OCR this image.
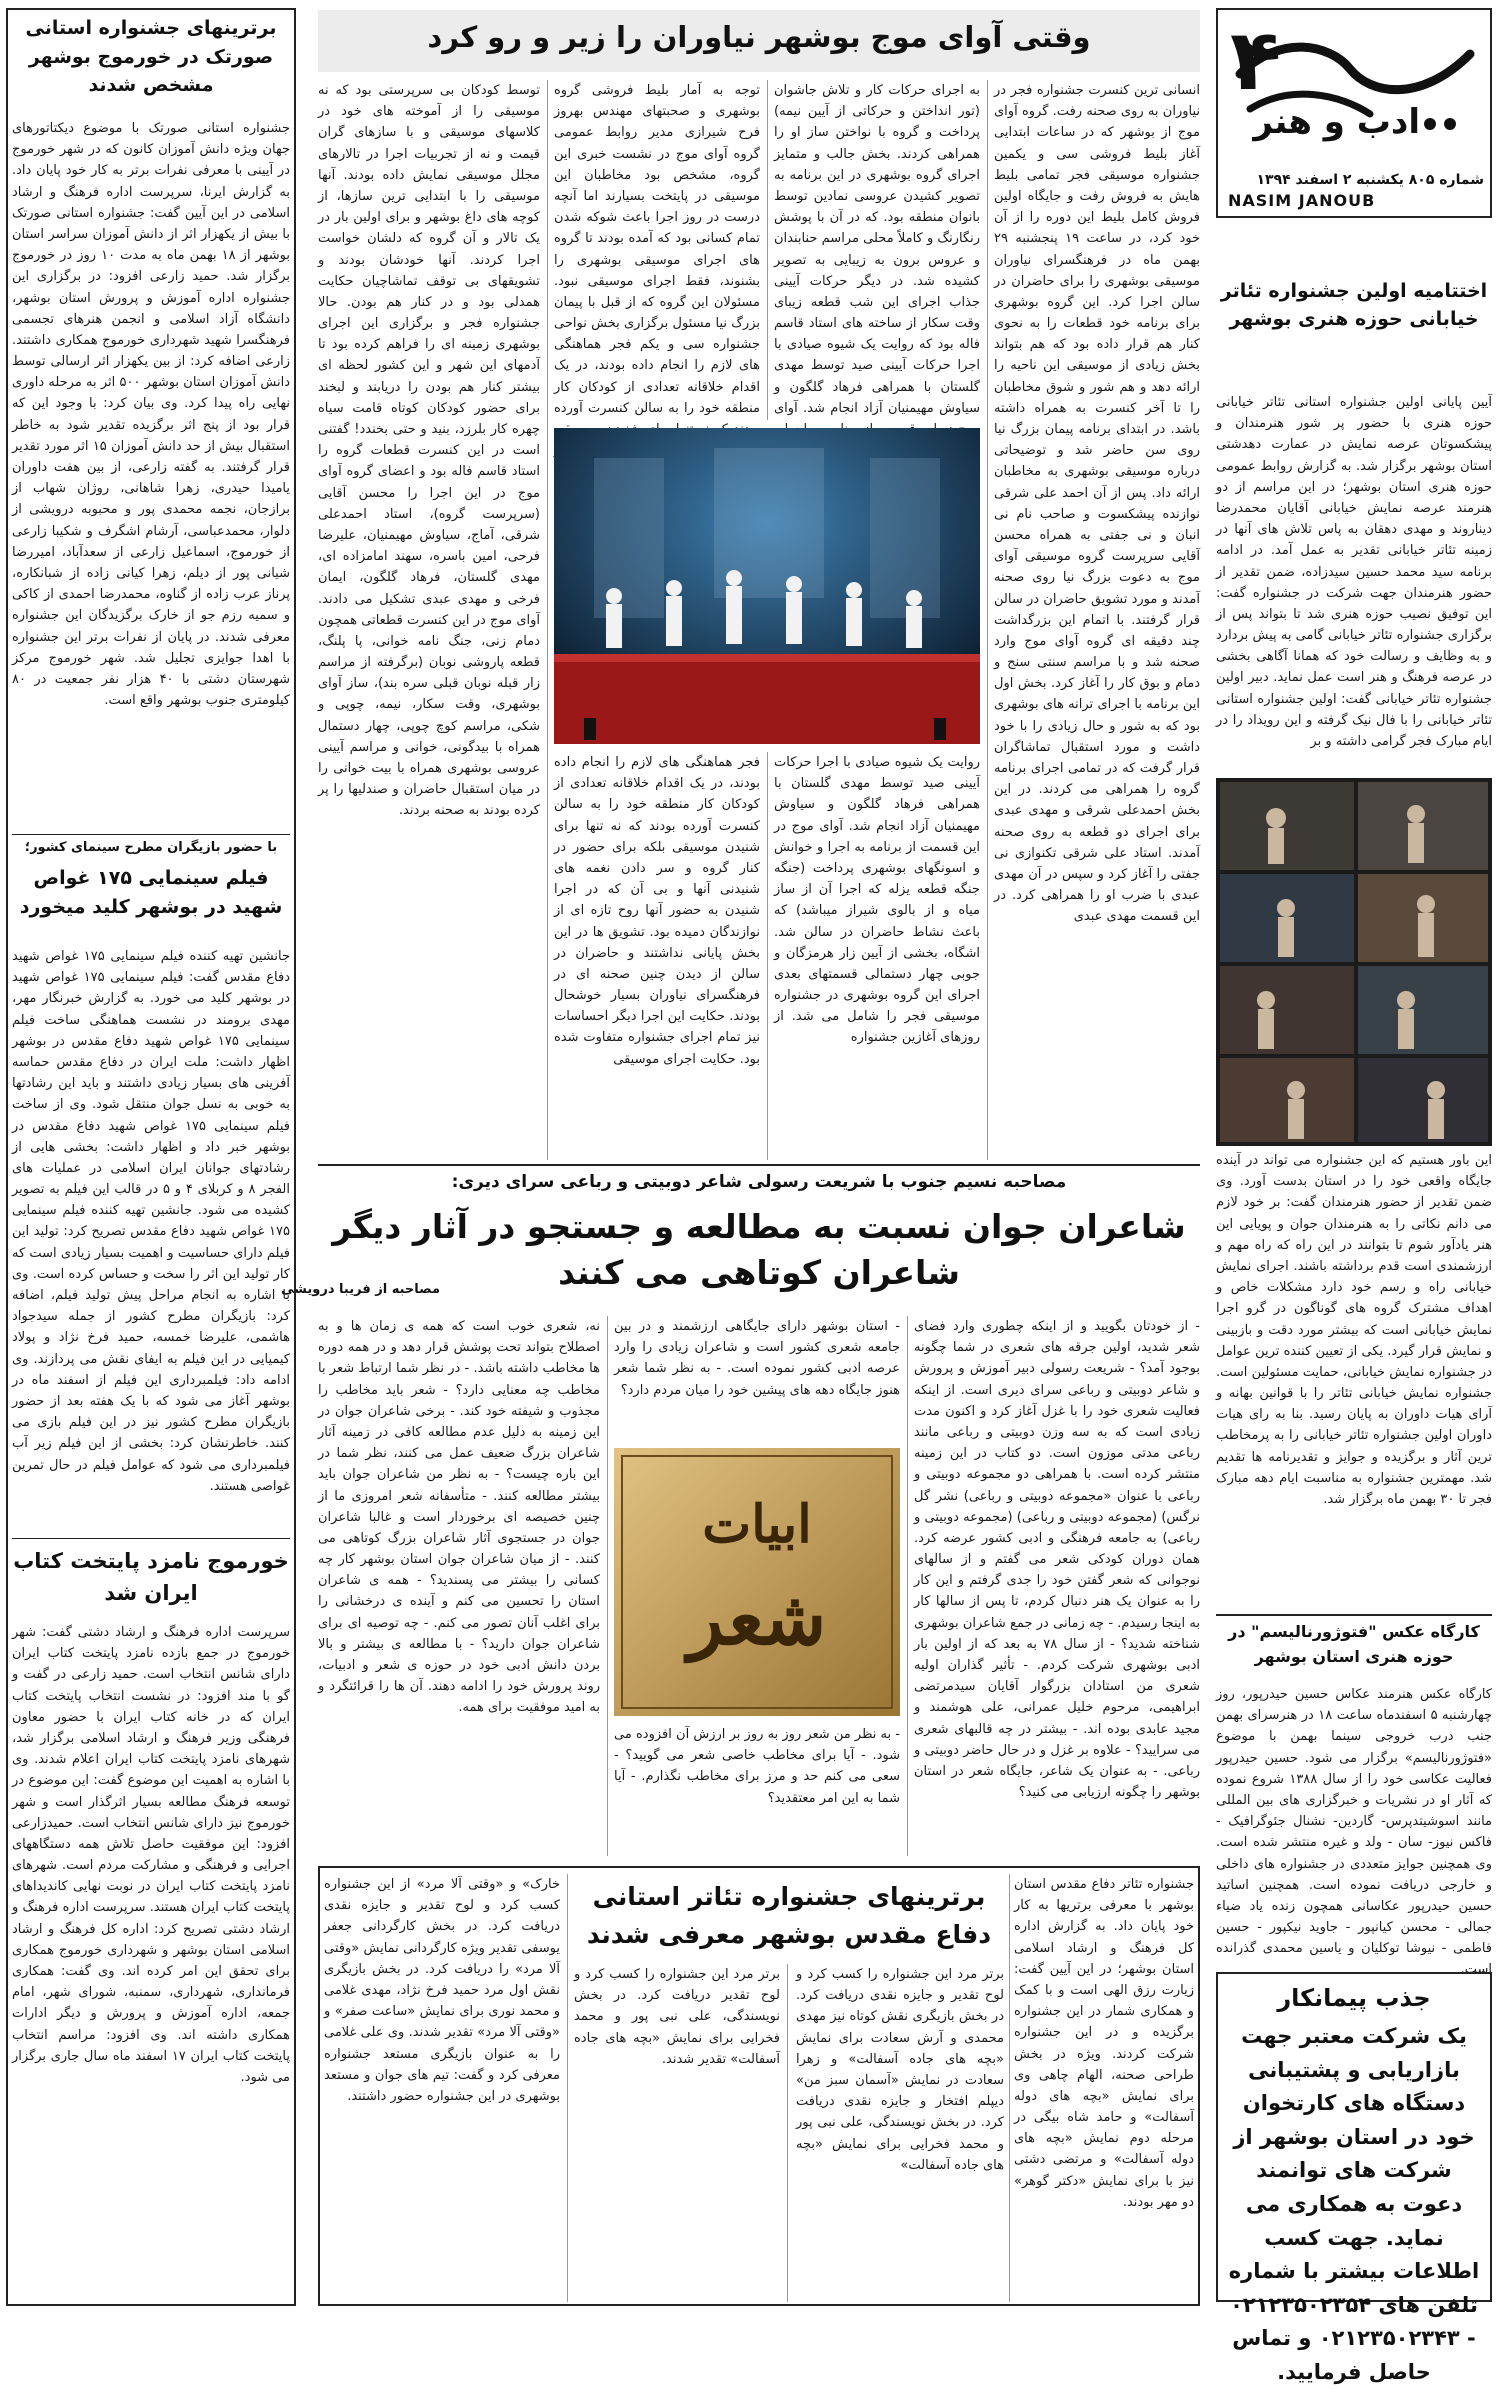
۴
ادب و هنر
شماره ۸۰۵ یکشنبه ۲ اسفند ۱۳۹۴
NASIM JANOUB
اختتامیه اولین جشنواره تئاتر خیابانی حوزه هنری بوشهر

آیین پایانی اولین جشنواره استانی تئاتر خیابانی حوزه هنری با حضور پر شور هنرمندان و پیشکسوتان عرصه نمایش در عمارت دهدشتی استان بوشهر برگزار شد. به گزارش روابط عمومی حوزه هنری استان بوشهر؛ در این مراسم از دو هنرمند عرصه نمایش خیابانی آقایان محمدرضا دیناروند و مهدی دهقان به پاس تلاش های آنها در زمینه تئاتر خیابانی تقدیر به عمل آمد. در ادامه برنامه سید محمد حسین سیدزاده، ضمن تقدیر از حضور هنرمندان جهت شرکت در جشنواره گفت: این توفیق نصیب حوزه هنری شد تا بتواند پس از برگزاری جشنواره تئاتر خیابانی گامی به پیش بردارد و به وظایف و رسالت خود که همانا آگاهی بخشی در عرصه فرهنگ و هنر است عمل نماید. دبیر اولین جشنواره تئاتر خیابانی گفت: اولین جشنواره استانی تئاتر خیابانی را با فال نیک گرفته و این رویداد را در ایام مبارک فجر گرامی داشته و بر

این باور هستیم که این جشنواره می تواند در آینده جایگاه واقعی خود را در استان بدست آورد. وی ضمن تقدیر از حضور هنرمندان گفت: بر خود لازم می دانم نکاتی را به هنرمندان جوان و پویایی این هنر یادآور شوم تا بتوانند در این راه که راه مهم و ارزشمندی است قدم برداشته باشند. اجرای نمایش خیابانی راه و رسم خود دارد مشکلات خاص و اهداف مشترک گروه های گوناگون در گرو اجرا نمایش خیابانی است که بیشتر مورد دقت و بازبینی و نمایش قرار گیرد. یکی از تعیین کننده ترین عوامل در جشنواره نمایش خیابانی، حمایت مسئولین است. جشنواره نمایش خیابانی تئاتر را با قوانین بهانه و آرای هیات داوران به پایان رسید. بنا به رای هیات داوران اولین جشنواره تئاتر خیابانی را به پرمخاطب ترین آثار و برگزیده و جوایز و تقدیرنامه ها تقدیم شد. مهمترین جشنواره به مناسبت ایام دهه مبارک فجر تا ۳۰ بهمن ماه برگزار شد.

کارگاه عکس "فتوژورنالیسم" در حوزه هنری استان بوشهر

کارگاه عکس هنرمند عکاس حسین حیدرپور، روز چهارشنبه ۵ اسفندماه ساعت ۱۸ در هنرسرای بهمن جنب درب خروجی سینما بهمن با موضوع «فتوژورنالیسم» برگزار می شود. حسین حیدرپور فعالیت عکاسی خود را از سال ۱۳۸۸ شروع نموده که آثار او در نشریات و خبرگزاری های بین المللی مانند اسوشیتدپرس- گاردین- نشنال جئوگرافیک - فاکس نیوز- سان - ولد و غیره منتشر شده است. وی همچنین جوایز متعددی در جشنواره های داخلی و خارجی دریافت نموده است. همچنین اساتید حسین حیدرپور عکاسانی همچون زنده یاد ضیاء جمالی - محسن کیانپور - جاوید نیکپور - حسین فاطمی - نیوشا توکلیان و یاسین محمدی گذرانده است.

جذب پیمانکار
یک شرکت معتبر جهت بازاریابی و پشتیبانی دستگاه های کارتخوان خود در استان بوشهر از شرکت های توانمند دعوت به همکاری می نماید. جهت کسب اطلاعات بیشتر با شماره تلفن های ۰۲۱۲۳۵۰۲۳۵۴ - ۰۲۱۲۳۵۰۲۳۴۳ و تماس حاصل فرمایید.
وقتی آوای موج بوشهر نیاوران را زیر و رو کرد

انسانی ترین کنسرت جشنواره فجر در نیاوران به روی صحنه رفت. گروه آوای موج از بوشهر که در ساعات ابتدایی آغاز بلیط فروشی سی و یکمین جشنواره موسیقی فجر تمامی بلیط هایش به فروش رفت و جایگاه اولین فروش کامل بلیط این دوره را از آن خود کرد، در ساعت ۱۹ پنجشنبه ۲۹ بهمن ماه در فرهنگسرای نیاوران موسیقی بوشهری را برای حاضران در سالن اجرا کرد. این گروه بوشهری برای برنامه خود قطعات را به نحوی کنار هم قرار داده بود که هم بتواند بخش زیادی از موسیقی این ناحیه را ارائه دهد و هم شور و شوق مخاطبان را تا آخر کنسرت به همراه داشته باشد. در ابتدای برنامه پیمان بزرگ نیا روی سن حاضر شد و توضیحاتی درباره موسیقی بوشهری به مخاطبان ارائه داد. پس از آن احمد علی شرقی نوازنده پیشکسوت و صاحب نام نی انبان و نی جفتی به همراه محسن آقایی سرپرست گروه موسیقی آوای موج به دعوت بزرگ نیا روی صحنه آمدند و مورد تشویق حاضران در سالن قرار گرفتند. با اتمام این بزرگداشت چند دقیقه ای گروه آوای موج وارد صحنه شد و با مراسم سنتی سنج و دمام و بوق کار را آغاز کرد. بخش اول این برنامه با اجرای ترانه های بوشهری بود که به شور و حال زیادی را با خود داشت و مورد استقبال تماشاگران قرار گرفت که در تمامی اجرای برنامه گروه را همراهی می کردند. در این بخش احمدعلی شرقی و مهدی عبدی برای اجرای دو قطعه به روی صحنه آمدند. استاد علی شرقی تکنوازی نی جفتی را آغاز کرد و سپس در آن مهدی عبدی با ضرب او را همراهی کرد. در این قسمت مهدی عبدی

به اجرای حرکات کار و تلاش جاشوان (تور انداختن و حرکاتی از آیین نیمه) پرداخت و گروه با نواختن ساز او را همراهی کردند. بخش جالب و متمایز اجرای گروه بوشهری در این برنامه به تصویر کشیدن عروسی نمادین توسط بانوان منطقه بود. که در آن با پوشش رنگارنگ و کاملاً محلی مراسم حنابندان و عروس برون به زیبایی به تصویر کشیده شد. در دیگر حرکات آیینی جذاب اجرای این شب قطعه زیبای وقت سکار از ساخته های استاد قاسم فاله بود که روایت یک شیوه صیادی با اجرا حرکات آیینی صید توسط مهدی گلستان با همراهی فرهاد گلگون و سیاوش مهیمنیان آزاد انجام شد. آوای

توجه به آمار بلیط فروشی گروه بوشهری و صحبتهای مهندس بهروز فرح شیرازی مدیر روابط عمومی گروه آوای موج در نشست خبری این گروه، مشخص بود مخاطبان این موسیقی در پایتخت بسیارند اما آنچه درست در روز اجرا باعث شوکه شدن تمام کسانی بود که آمده بودند تا گروه های اجرای موسیقی بوشهری را بشنوند، فقط اجرای موسیقی نبود. مسئولان این گروه که از قبل با پیمان بزرگ نیا مسئول برگزاری بخش نواحی جشنواره سی و یکم فجر هماهنگی های لازم را انجام داده بودند، در یک اقدام خلاقانه تعدادی از کودکان کار منطقه خود را به سالن کنسرت آورده

توسط کودکان بی سرپرستی بود که نه موسیقی را از آموخته های خود در کلاسهای موسیقی و با سازهای گران قیمت و نه از تجربیات اجرا در تالارهای مجلل موسیقی نمایش داده بودند. آنها موسیقی را با ابتدایی ترین سازها، از کوچه های داغ بوشهر و برای اولین بار در یک تالار و آن گروه که دلشان خواست اجرا کردند. آنها خودشان بودند و تشویقهای بی توقف تماشاچیان حکایت همدلی بود و در کنار هم بودن. حالا جشنواره فجر و برگزاری این اجرای بوشهری زمینه ای را فراهم کرده بود تا آدمهای این شهر و این کشور لحظه ای بیشتر کنار هم بودن را دریابند و لبخند برای حضور کودکان کوتاه قامت سیاه چهره کار بلرزد، بنید و حتی بخندد! گفتنی است در این کنسرت قطعات گروه را استاد قاسم فاله بود و اعضای گروه آوای موج در این اجرا را محسن آقایی (سرپرست گروه)، استاد احمدعلی شرقی، آماج، سیاوش مهیمنیان، علیرضا فرحی، امین باسره، سهند امامزاده ای، مهدی گلستان، فرهاد گلگون، ایمان فرخی و مهدی عبدی تشکیل می دادند. آوای موج در این کنسرت قطعاتی همچون دمام زنی، جنگ نامه خوانی، پا پلنگ، قطعه پاروشی نوبان (برگرفته از مراسم زار قبله نوبان قبلی سره بند)، ساز آوای بوشهری، وقت سکار، نیمه، چوپی و شکی، مراسم کوچ چوپی، چهار دستمال همراه با بیدگونی، خوانی و مراسم آیینی عروسی بوشهری همراه با بیت خوانی را در میان استقبال حاضران و صندلیها را پر کرده بودند به صحنه بردند.

روایت یک شیوه صیادی با اجرا حرکات آیینی صید توسط مهدی گلستان با همراهی فرهاد گلگون و سیاوش مهیمنیان آزاد انجام شد. آوای موج در این قسمت از برنامه به اجرا و خوانش و اسونگهای بوشهری پرداخت (جنگه جنگه قطعه یزله که اجرا آن از ساز میاه و از بالوی شیراز میباشد) که باعث نشاط حاضران در سالن شد. اشگاه، بخشی از آیین زار هرمزگان و جوبی چهار دستمالی قسمتهای بعدی اجرای این گروه بوشهری در جشنواره موسیقی فجر را شامل می شد. از روزهای آغازین جشنواره

فجر هماهنگی های لازم را انجام داده بودند، در یک اقدام خلاقانه تعدادی از کودکان کار منطقه خود را به سالن کنسرت آورده بودند که نه تنها برای شنیدن موسیقی بلکه برای حضور در کنار گروه و سر دادن نغمه های شنیدنی آنها و بی آن که در اجرا شنیدن به حضور آنها روح تازه ای از نوازندگان دمیده بود. تشویق ها در این بخش پایانی نداشتند و حاضران در سالن از دیدن چنین صحنه ای در فرهنگسرای نیاوران بسیار خوشحال بودند. حکایت این اجرا دیگر احساسات نیز تمام اجرای جشنواره متفاوت شده بود. حکایت اجرای موسیقی

مصاحبه نسیم جنوب با شریعت رسولی شاعر دوبیتی و رباعی سرای دیری:
شاعران جوان نسبت به مطالعه و جستجو در آثار دیگر شاعران کوتاهی می کنند
مصاحبه از فریبا درویشی

- از خودتان بگویید و از اینکه چطوری وارد فضای شعر شدید، اولین جرقه های شعری در شما چگونه بوجود آمد؟ - شریعت رسولی دبیر آموزش و پرورش و شاعر دوبیتی و رباعی سرای دیری است. از اینکه فعالیت شعری خود را با غزل آغاز کرد و اکنون مدت زیادی است که به سه وزن دوبیتی و رباعی مانند رباعی مدتی موزون است. دو کتاب در این زمینه منتشر کرده است. با همراهی دو مجموعه دوبیتی و رباعی با عنوان «مجموعه دوبیتی و رباعی) نشر گل نرگس) (مجموعه دوبیتی و رباعی) (مجموعه دوبیتی و رباعی) به جامعه فرهنگی و ادبی کشور عرضه کرد. همان دوران کودکی شعر می گفتم و از سالهای نوجوانی که شعر گفتن خود را جدی گرفتم و این کار را به عنوان یک هنر دنبال کردم، تا پس از سالها کار به اینجا رسیدم. - چه زمانی در جمع شاعران بوشهری شناخته شدید؟ - از سال ۷۸ به بعد که از اولین بار ادبی بوشهری شرکت کردم. - تأثیر گذاران اولیه شعری من استادان بزرگوار آقایان سیدمرتضی ابراهیمی، مرحوم خلیل عمرانی، علی هوشمند و مجید عابدی بوده اند. - بیشتر در چه قالبهای شعری می سرایید؟ - علاوه بر غزل و در حال حاضر دوبیتی و رباعی. - به عنوان یک شاعر، جایگاه شعر در استان بوشهر را چگونه ارزیابی می کنید؟

- استان بوشهر دارای جایگاهی ارزشمند و در بین جامعه شعری کشور است و شاعران زیادی را وارد عرصه ادبی کشور نموده است. - به نظر شما شعر هنوز جایگاه دهه های پیشین خود را میان مردم دارد؟

ابیات
شعر

- به نظر من شعر روز به روز بر ارزش آن افزوده می شود. - آیا برای مخاطب خاصی شعر می گویید؟ - سعی می کنم حد و مرز برای مخاطب نگذارم. - آیا شما به این امر معتقدید؟

نه، شعری خوب است که همه ی زمان ها و به اصطلاح بتواند تحت پوشش قرار دهد و در همه دوره ها مخاطب داشته باشد. - در نظر شما ارتباط شعر با مخاطب چه معنایی دارد؟ - شعر باید مخاطب را مجذوب و شیفته خود کند. - برخی شاعران جوان در این زمینه به دلیل عدم مطالعه کافی در زمینه آثار شاعران بزرگ ضعیف عمل می کنند، نظر شما در این باره چیست؟ - به نظر من شاعران جوان باید بیشتر مطالعه کنند. - متأسفانه شعر امروزی ما از چنین خصیصه ای برخوردار است و غالبا شاعران جوان در جستجوی آثار شاعران بزرگ کوتاهی می کنند. - از میان شاعران جوان استان بوشهر کار چه کسانی را بیشتر می پسندید؟ - همه ی شاعران استان را تحسین می کنم و آینده ی درخشانی را برای اغلب آنان تصور می کنم. - چه توصیه ای برای شاعران جوان دارید؟ - با مطالعه ی بیشتر و بالا بردن دانش ادبی خود در حوزه ی شعر و ادبیات، روند پرورش خود را ادامه دهند. آن ها را قرائتگرد و به امید موفقیت برای همه.

جشنواره تئاتر دفاع مقدس استان بوشهر با معرفی برتریها به کار خود پایان داد. به گزارش اداره کل فرهنگ و ارشاد اسلامی استان بوشهر؛ در این آیین گفت: زیارت رزق الهی است و با کمک و همکاری شمار در این جشنواره برگزیده و در این جشنواره شرکت کردند. ویژه در بخش طراحی صحنه، الهام چاهی وی برای نمایش «بچه های دوله آسفالت» و حامد شاه بیگی در مرحله دوم نمایش «بچه های دوله آسفالت» و مرتضی دشتی نیز با برای نمایش «دکتر گوهر» دو مهر بودند.

برترینهای جشنواره تئاتر استانی دفاع مقدس بوشهر معرفی شدند

برتر مرد این جشنواره را کسب کرد و لوح تقدیر و جایزه نقدی دریافت کرد. در بخش بازیگری نقش کوتاه نیز مهدی محمدی و آرش سعادت برای نمایش «بچه های جاده آسفالت» و زهرا سعادت در نمایش «آسمان سبز من» دیپلم افتخار و جایزه نقدی دریافت کرد. در بخش نویسندگی، علی نبی پور و محمد فخرایی برای نمایش «بچه های جاده آسفالت»

برتر مرد این جشنواره را کسب کرد و لوح تقدیر دریافت کرد. در بخش نویسندگی، علی نبی پور و محمد فخرایی برای نمایش «بچه های جاده آسفالت» تقدیر شدند.

خارک» و «وقتی آلا مرد» از این جشنواره کسب کرد و لوح تقدیر و جایزه نقدی دریافت کرد. در بخش کارگردانی جعفر یوسفی تقدیر ویژه کارگردانی نمایش «وقتی آلا مرد» را دریافت کرد. در بخش بازیگری نقش اول مرد حمید فرخ نژاد، مهدی غلامی و محمد نوری برای نمایش «ساعت صفر» و «وقتی آلا مرد» تقدیر شدند. وی علی غلامی را به عنوان بازیگری مستعد جشنواره معرفی کرد و گفت: تیم های جوان و مستعد بوشهری در این جشنواره حضور داشتند.

برترینهای جشنواره استانی صورتک در خورموج بوشهر مشخص شدند

جشنواره استانی صورتک با موضوع دیکتاتورهای جهان ویژه دانش آموزان کانون که در شهر خورموج در آیینی با معرفی نفرات برتر به کار خود پایان داد. به گزارش ایرنا، سرپرست اداره فرهنگ و ارشاد اسلامی در این آیین گفت: جشنواره استانی صورتک با بیش از یکهزار اثر از دانش آموزان سراسر استان بوشهر از ۱۸ بهمن ماه به مدت ۱۰ روز در خورموج برگزار شد. حمید زارعی افزود: در برگزاری این جشنواره اداره آموزش و پرورش استان بوشهر، دانشگاه آزاد اسلامی و انجمن هنرهای تجسمی فرهنگسرا شهید شهرداری خورموج همکاری داشتند. زارعی اضافه کرد: از بین یکهزار اثر ارسالی توسط دانش آموزان استان بوشهر ۵۰۰ اثر به مرحله داوری نهایی راه پیدا کرد. وی بیان کرد: با وجود این که قرار بود از پنج اثر برگزیده تقدیر شود به خاطر استقبال بیش از حد دانش آموزان ۱۵ اثر مورد تقدیر قرار گرفتند. به گفته زارعی، از بین هفت داوران یامیدا حیدری، زهرا شاهانی، روژان شهاب از برازجان، نجمه محمدی پور و محبوبه درویشی از دلوار، محمدعباسی، آرشام اشگرف و شکیبا زارعی از خورموج، اسماعیل زارعی از سعدآباد، امیررضا شیانی پور از دیلم، زهرا کیانی زاده از شبانکاره، پرناز عرب زاده از گناوه، محمدرضا احمدی از کاکی و سمیه رزم جو از خارک برگزیدگان این جشنواره معرفی شدند. در پایان از نفرات برتر این جشنواره با اهدا جوایزی تجلیل شد. شهر خورموج مرکز شهرستان دشتی با ۴۰ هزار نفر جمعیت در ۸۰ کیلومتری جنوب بوشهر واقع است.

با حضور بازیگران مطرح سینمای کشور؛
فیلم سینمایی ۱۷۵ غواص شهید در بوشهر کلید میخورد

جانشین تهیه کننده فیلم سینمایی ۱۷۵ غواص شهید دفاع مقدس گفت: فیلم سینمایی ۱۷۵ غواص شهید در بوشهر کلید می خورد. به گزارش خبرنگار مهر، مهدی برومند در نشست هماهنگی ساخت فیلم سینمایی ۱۷۵ غواص شهید دفاع مقدس در بوشهر اظهار داشت: ملت ایران در دفاع مقدس حماسه آفرینی های بسیار زیادی داشتند و باید این رشادتها به خوبی به نسل جوان منتقل شود. وی از ساخت فیلم سینمایی ۱۷۵ غواص شهید دفاع مقدس در بوشهر خبر داد و اظهار داشت: بخشی هایی از رشادتهای جوانان ایران اسلامی در عملیات های الفجر ۸ و کربلای ۴ و ۵ در قالب این فیلم به تصویر کشیده می شود. جانشین تهیه کننده فیلم سینمایی ۱۷۵ غواص شهید دفاع مقدس تصریح کرد: تولید این فیلم دارای حساسیت و اهمیت بسیار زیادی است که کار تولید این اثر را سخت و حساس کرده است. وی با اشاره به انجام مراحل پیش تولید فیلم، اضافه کرد: بازیگران مطرح کشور از جمله سیدجواد هاشمی، علیرضا خمسه، حمید فرخ نژاد و پولاد کیمیایی در این فیلم به ایفای نقش می پردازند. وی ادامه داد: فیلمبرداری این فیلم از اسفند ماه در بوشهر آغاز می شود که با یک هفته بعد از حضور بازیگران مطرح کشور نیز در این فیلم بازی می کنند. خاطرنشان کرد: بخشی از این فیلم زیر آب فیلمبرداری می شود که عوامل فیلم در حال تمرین غواصی هستند.

خورموج نامزد پایتخت کتاب ایران شد

سرپرست اداره فرهنگ و ارشاد دشتی گفت: شهر خورموج در جمع بازده نامزد پایتخت کتاب ایران دارای شانس انتخاب است. حمید زارعی در گفت و گو با مند افزود: در نشست انتخاب پایتخت کتاب ایران که در خانه کتاب ایران با حضور معاون فرهنگی وزیر فرهنگ و ارشاد اسلامی برگزار شد، شهرهای نامزد پایتخت کتاب ایران اعلام شدند. وی با اشاره به اهمیت این موضوع گفت: این موضوع در توسعه فرهنگ مطالعه بسیار اثرگذار است و شهر خورموج نیز دارای شانس انتخاب است. حمیدزارعی افزود: این موفقیت حاصل تلاش همه دستگاههای اجرایی و فرهنگی و مشارکت مردم است. شهرهای نامزد پایتخت کتاب ایران در نوبت نهایی کاندیداهای پایتخت کتاب ایران هستند. سرپرست اداره فرهنگ و ارشاد دشتی تصریح کرد: اداره کل فرهنگ و ارشاد اسلامی استان بوشهر و شهرداری خورموج همکاری برای تحقق این امر کرده اند. وی گفت: همکاری فرمانداری، شهرداری، سمنبه، شورای شهر، امام جمعه، اداره آموزش و پرورش و دیگر ادارات همکاری داشته اند. وی افزود: مراسم انتخاب پایتخت کتاب ایران ۱۷ اسفند ماه سال جاری برگزار می شود.
